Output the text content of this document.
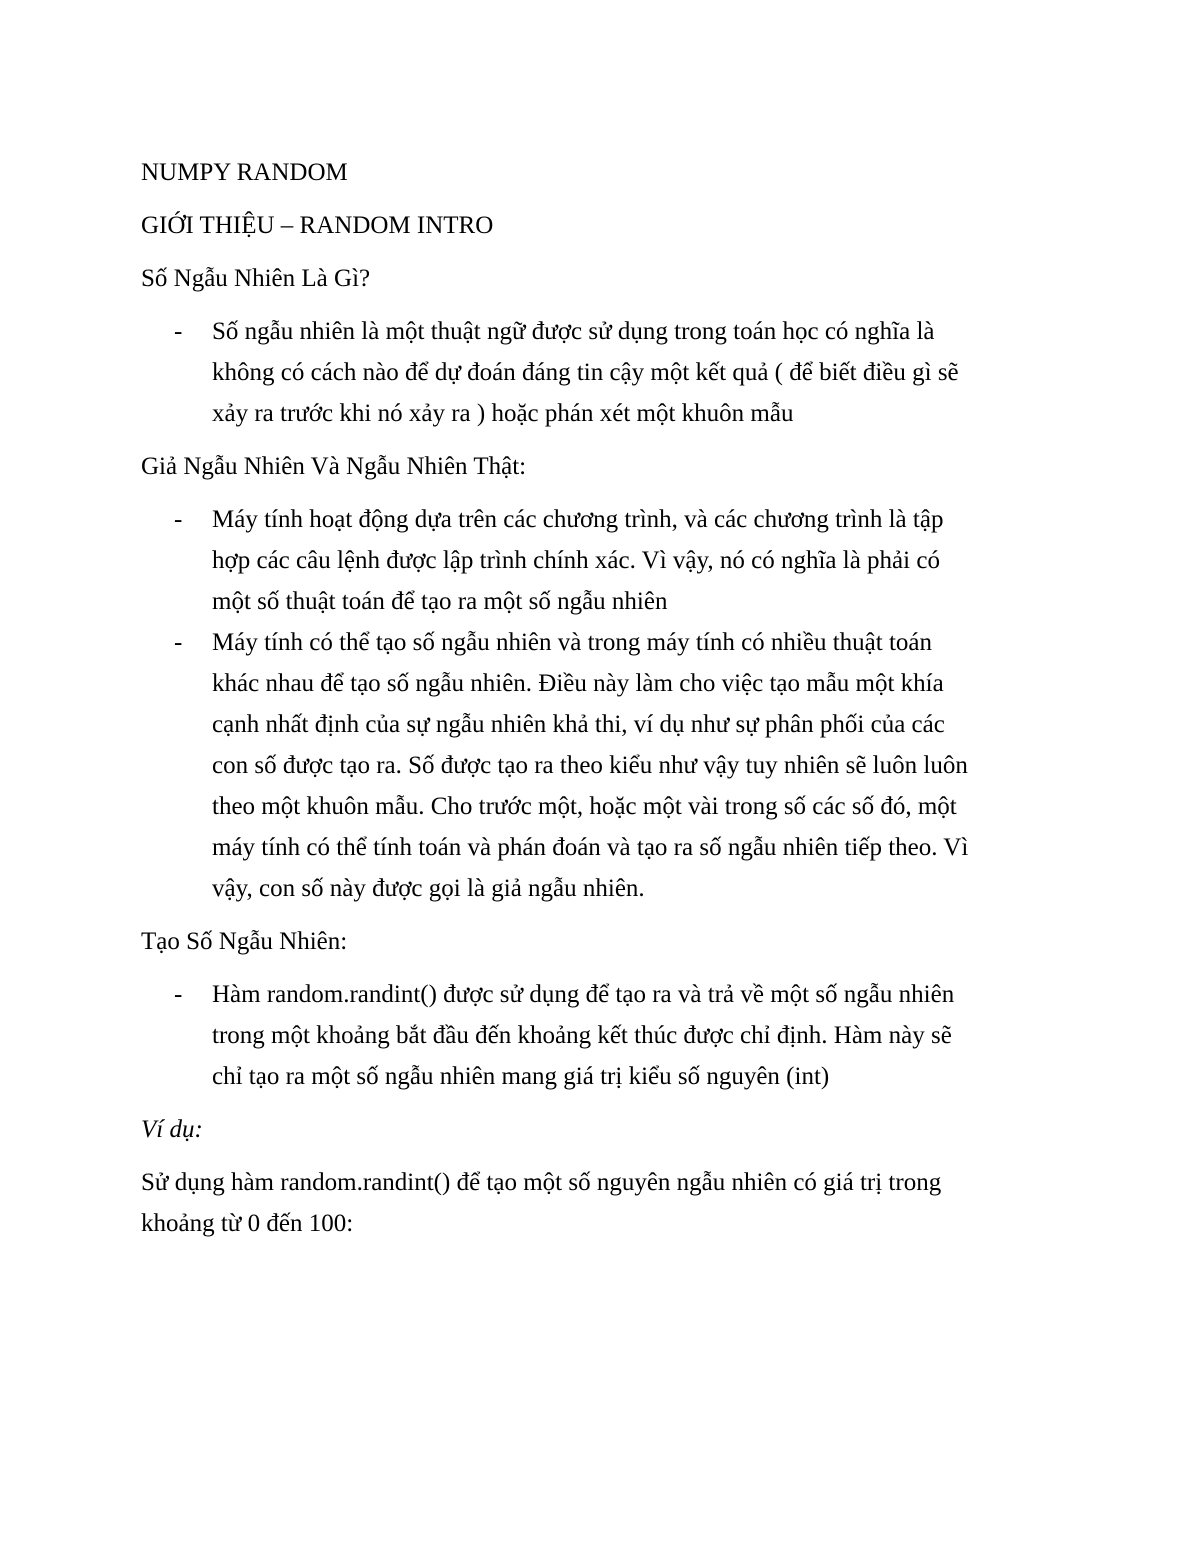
NUMPY RANDOM

GIỚI THIỆU – RANDOM INTRO

Số Ngẫu Nhiên Là Gì?

- Số ngẫu nhiên là một thuật ngữ được sử dụng trong toán học có nghĩa là
không có cách nào để dự đoán đáng tin cậy một kết quả ( để biết điều gì sẽ
xảy ra trước khi nó xảy ra ) hoặc phán xét một khuôn mẫu

Giả Ngẫu Nhiên Và Ngẫu Nhiên Thật:

- Máy tính hoạt động dựa trên các chương trình, và các chương trình là tập
hợp các câu lệnh được lập trình chính xác. Vì vậy, nó có nghĩa là phải có
một số thuật toán để tạo ra một số ngẫu nhiên
- Máy tính có thể tạo số ngẫu nhiên và trong máy tính có nhiều thuật toán
khác nhau để tạo số ngẫu nhiên. Điều này làm cho việc tạo mẫu một khía
cạnh nhất định của sự ngẫu nhiên khả thi, ví dụ như sự phân phối của các
con số được tạo ra. Số được tạo ra theo kiểu như vậy tuy nhiên sẽ luôn luôn
theo một khuôn mẫu. Cho trước một, hoặc một vài trong số các số đó, một
máy tính có thể tính toán và phán đoán và tạo ra số ngẫu nhiên tiếp theo. Vì
vậy, con số này được gọi là giả ngẫu nhiên.

Tạo Số Ngẫu Nhiên:

- Hàm random.randint() được sử dụng để tạo ra và trả về một số ngẫu nhiên
trong một khoảng bắt đầu đến khoảng kết thúc được chỉ định. Hàm này sẽ
chỉ tạo ra một số ngẫu nhiên mang giá trị kiểu số nguyên (int)

Ví dụ:

Sử dụng hàm random.randint() để tạo một số nguyên ngẫu nhiên có giá trị trong
khoảng từ 0 đến 100:
